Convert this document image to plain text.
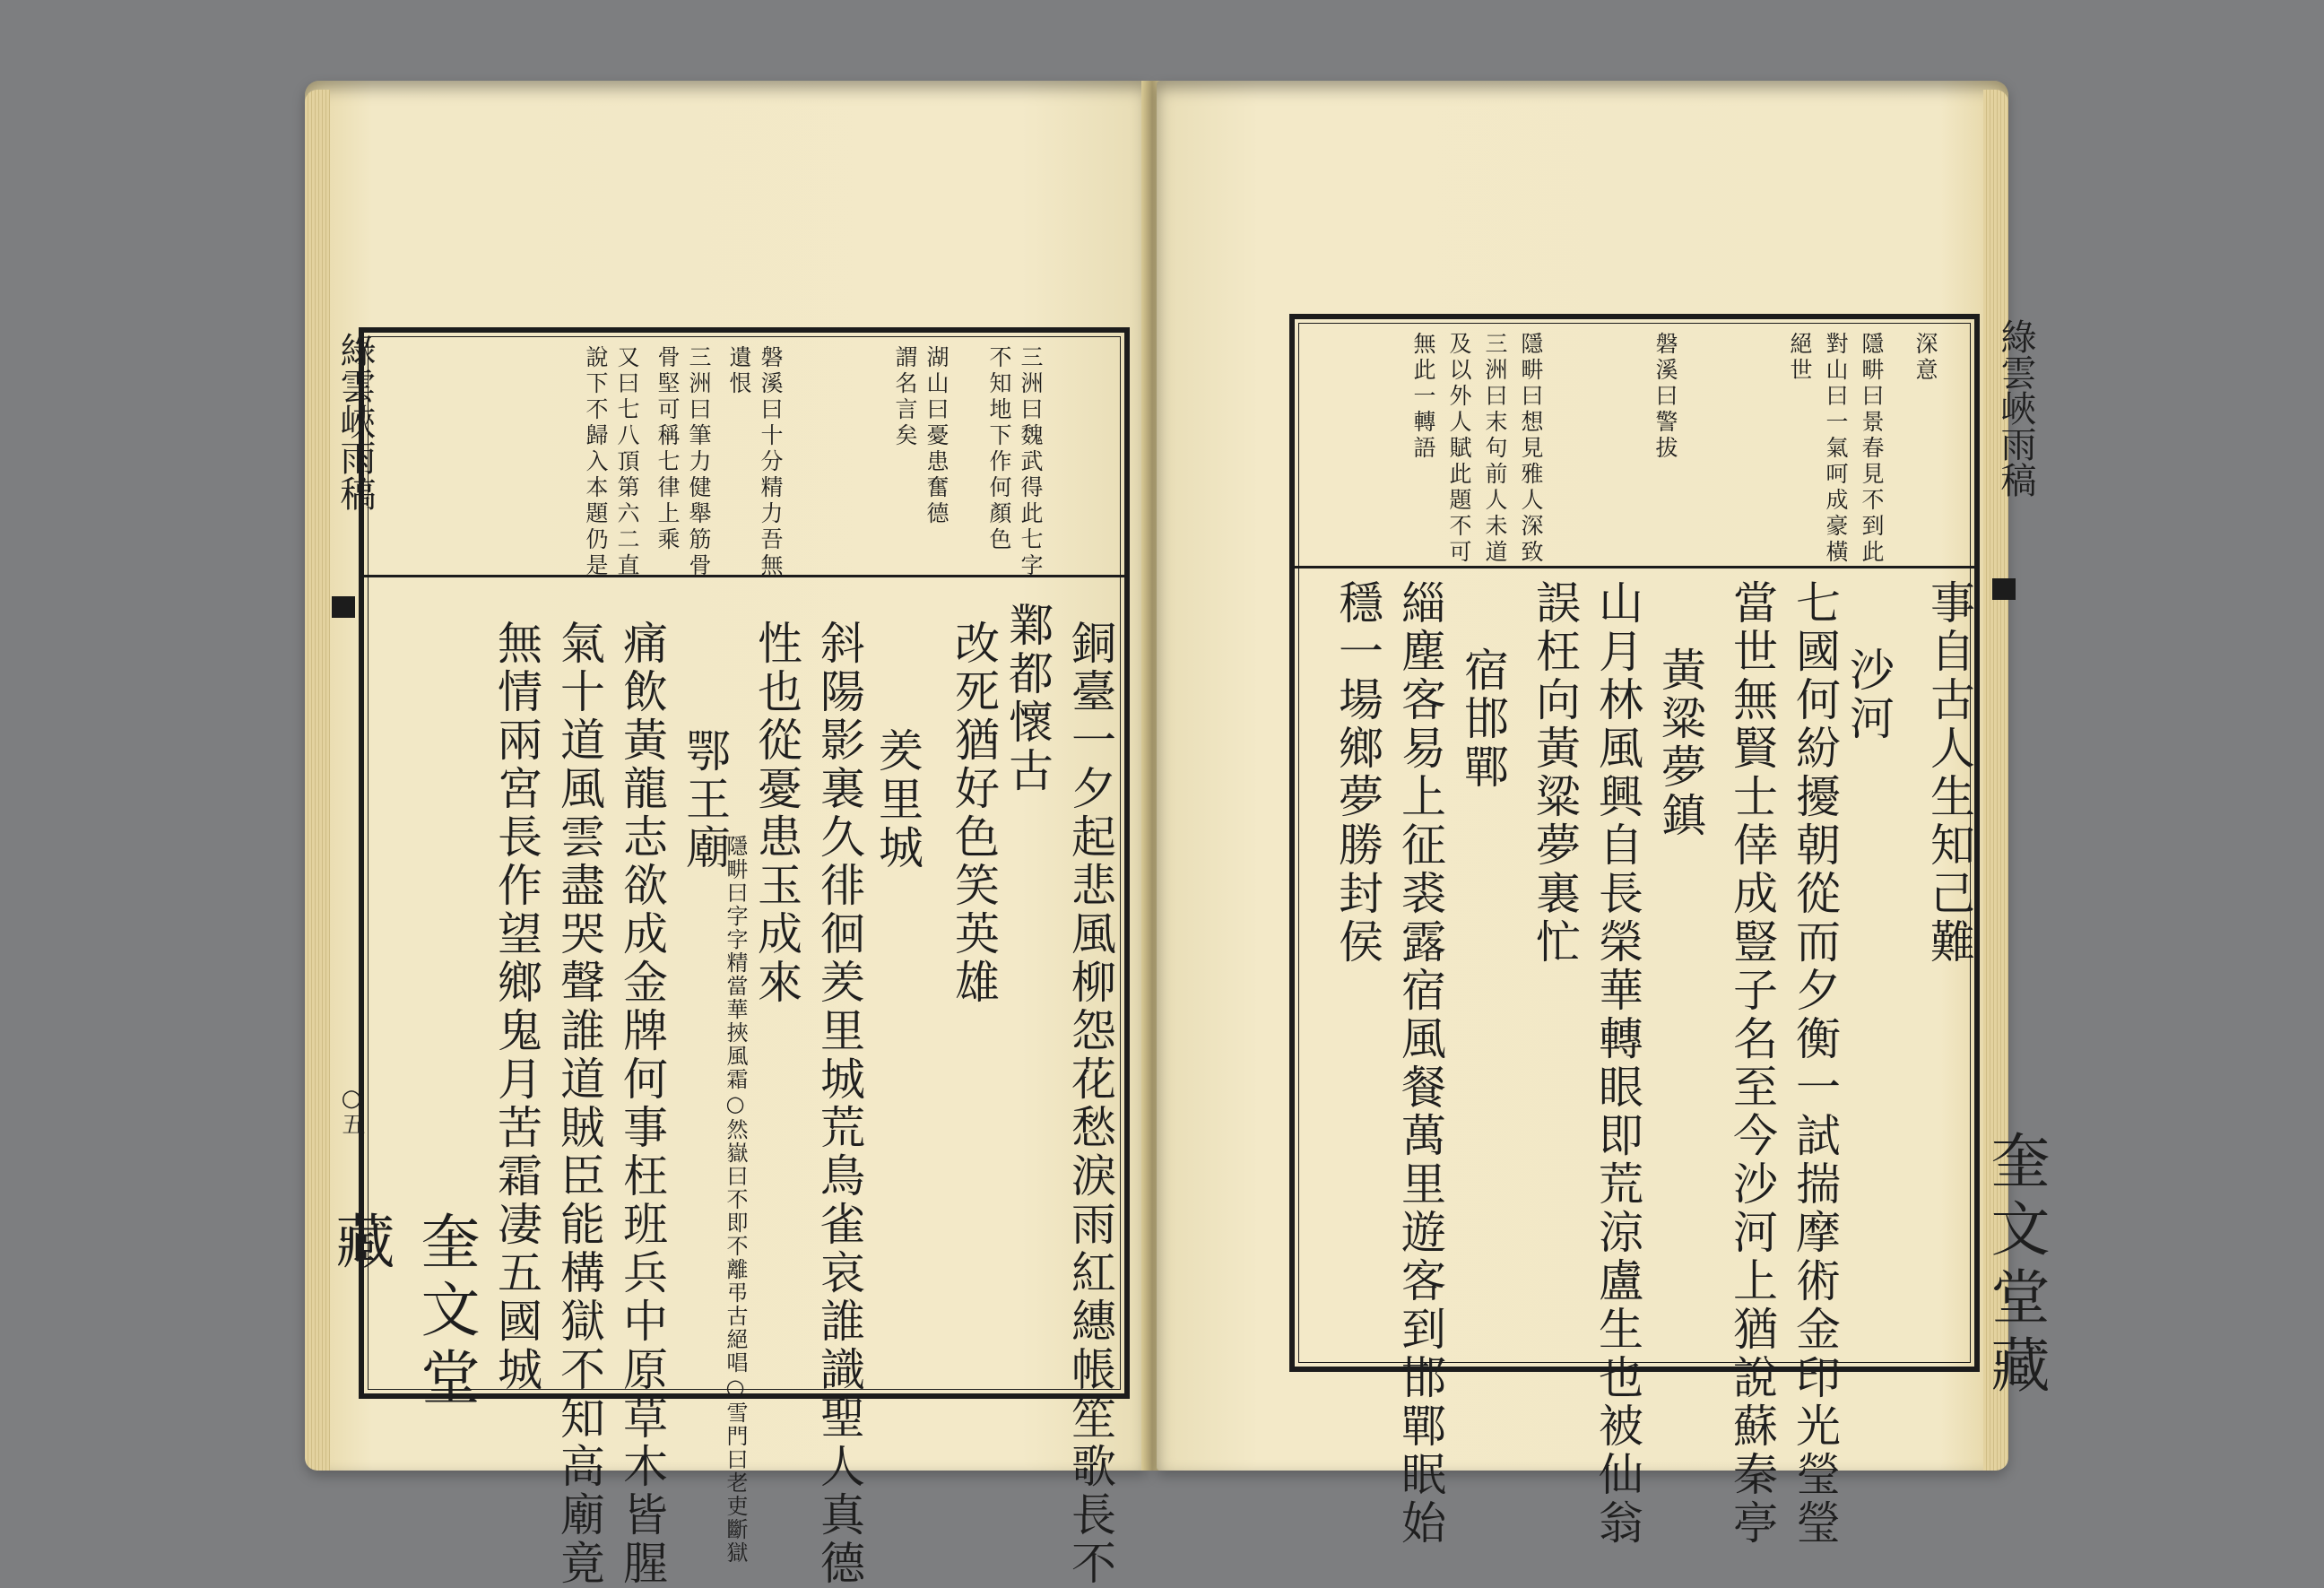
三洲曰魏武得此七字
不知地下作何顏色
湖山曰憂患奮德
謂名言矣
磐溪曰十分精力吾無
遺恨
三洲曰筆力健舉筋骨
骨堅可稱七律上乘
又曰七八頂第六二直
說下不歸入本題仍是
鄴都懷古 銅臺一夕起悲風柳怨花愁淚雨紅繐帳笙歌長不
改死猶好色笑英雄
羑里城
斜陽影裏久徘徊羑里城荒鳥雀哀誰識聖人真德
性也從憂患玉成來
鄂王廟
隱畊曰字字精當華挾風霜○然嶽曰不即不離弔古絕唱○雪門曰老吏斷獄
痛飲黃龍志欲成金牌何事枉班兵中原草木皆腥
氣十道風雲盡哭聲誰道賊臣能構獄不知高廟竟
無情兩宮長作望鄉鬼月苦霜凄五國城
綠雲峽雨稿
○五
奎文堂藏
深意
隱畊曰景春見不到此
對山曰一氣呵成豪橫
絕世
磐溪曰警拔
隱畊曰想見雅人深致
三洲曰末句前人未道
及以外人賦此題不可
無此一轉語
事自古人生知己難
沙河
七國何紛擾朝從而夕衡一試揣摩術金印光瑩瑩
當世無賢士倖成豎子名至今沙河上猶說蘇秦亭
黃粱夢鎮
山月林風興自長榮華轉眼即荒涼盧生也被仙翁
誤枉向黃粱夢裏忙
宿邯鄲
緇塵客易上征裘露宿風餐萬里遊客到邯鄲眠始
穩一場鄉夢勝封侯
綠雲峽雨稿
奎文堂藏
